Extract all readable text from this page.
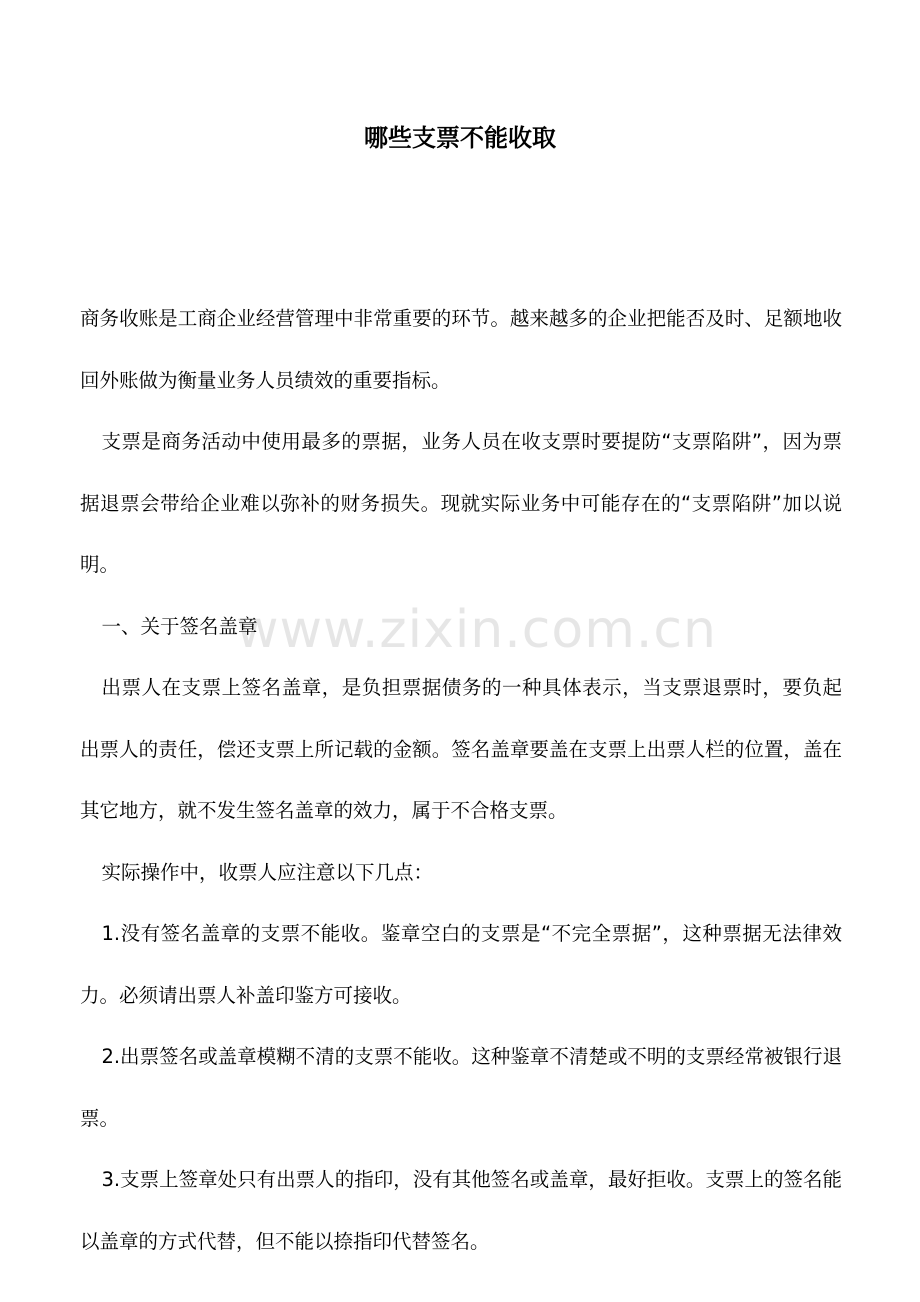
www.zixin.com.cn
哪些支票不能收取

商务收账是工商企业经营管理中非常重要的环节。越来越多的企业把能否及时、足额地收回外账做为衡量业务人员绩效的重要指标。

支票是商务活动中使用最多的票据，业务人员在收支票时要提防“支票陷阱”，因为票据退票会带给企业难以弥补的财务损失。现就实际业务中可能存在的“支票陷阱”加以说明。

一、关于签名盖章

出票人在支票上签名盖章，是负担票据债务的一种具体表示，当支票退票时，要负起出票人的责任，偿还支票上所记载的金额。签名盖章要盖在支票上出票人栏的位置，盖在其它地方，就不发生签名盖章的效力，属于不合格支票。

实际操作中，收票人应注意以下几点：

1.没有签名盖章的支票不能收。鉴章空白的支票是“不完全票据”，这种票据无法律效力。必须请出票人补盖印鉴方可接收。

2.出票签名或盖章模糊不清的支票不能收。这种鉴章不清楚或不明的支票经常被银行退票。

3.支票上签章处只有出票人的指印，没有其他签名或盖章，最好拒收。支票上的签名能以盖章的方式代替，但不能以捺指印代替签名。
